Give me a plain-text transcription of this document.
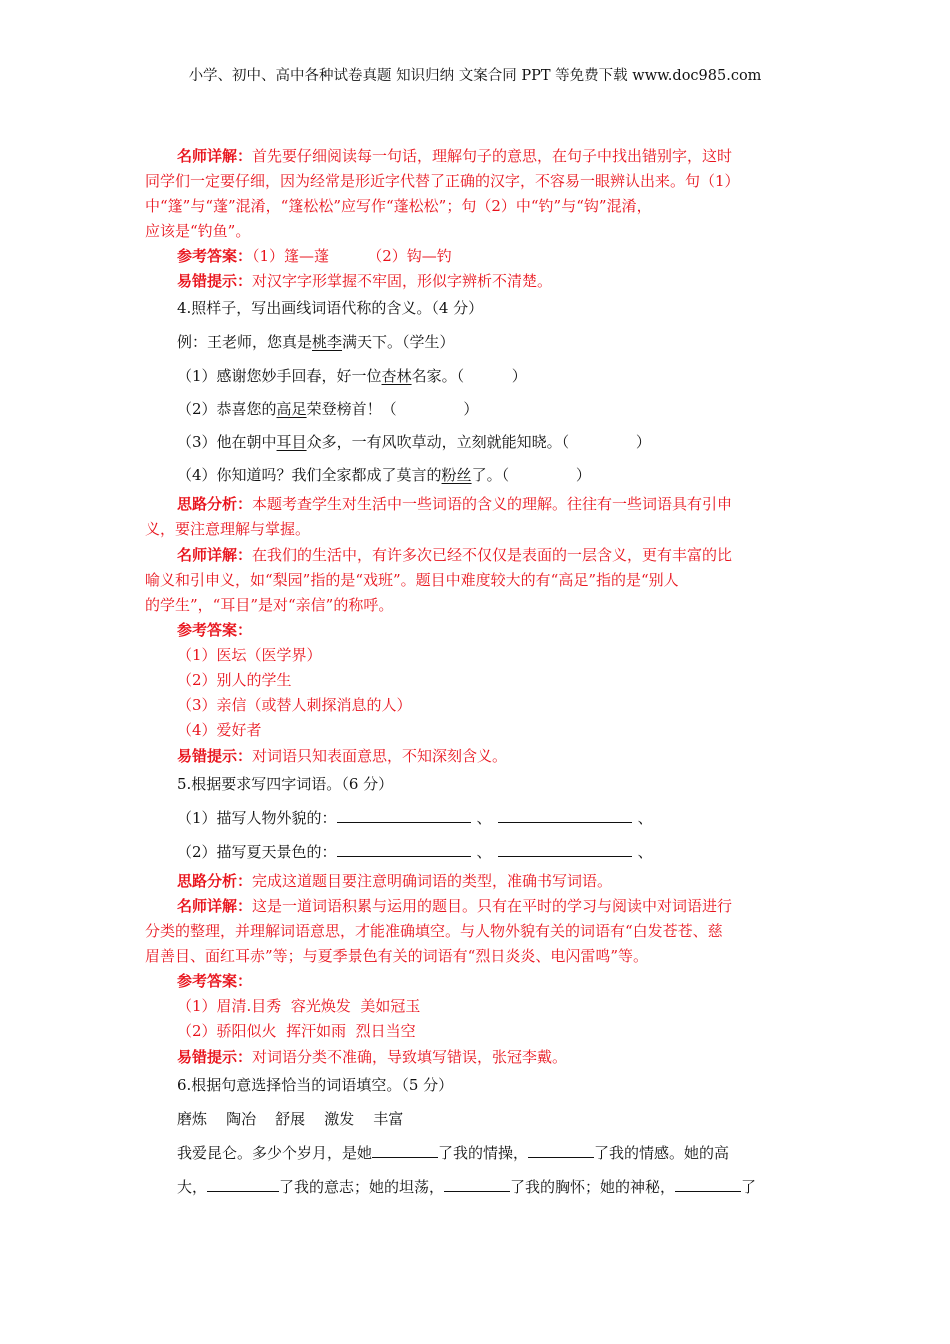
小学、初中、高中各种试卷真题 知识归纳 文案合同 PPT 等免费下载 www.doc985.com
名师详解：首先要仔细阅读每一句话，理解句子的意思，在句子中找出错别字，这时
同学们一定要仔细，因为经常是形近字代替了正确的汉字，不容易一眼辨认出来。句（1）
中“篷”与“蓬”混淆，“篷松松”应写作“蓬松松”；句（2）中“钓”与“钩”混淆，
应该是“钓鱼”。
参考答案：（1）篷—蓬        （2）钩—钓
易错提示：对汉字字形掌握不牢固，形似字辨析不清楚。
4.照样子，写出画线词语代称的含义。（4 分）
例：王老师，您真是桃李满天下。（学生）
（1）感谢您妙手回春，好一位杏林名家。（          ）
（2）恭喜您的高足荣登榜首！（              ）
（3）他在朝中耳目众多，一有风吹草动，立刻就能知晓。（              ）
（4）你知道吗？我们全家都成了莫言的粉丝了。（              ）
思路分析：本题考查学生对生活中一些词语的含义的理解。往往有一些词语具有引申
义，要注意理解与掌握。
名师详解：在我们的生活中，有许多次已经不仅仅是表面的一层含义，更有丰富的比
喻义和引申义，如“梨园”指的是“戏班”。题目中难度较大的有“高足”指的是“别人
的学生”，“耳目”是对“亲信”的称呼。
参考答案：
（1）医坛（医学界）
（2）别人的学生
（3）亲信（或替人刺探消息的人）
（4）爱好者
易错提示：对词语只知表面意思，不知深刻含义。
5.根据要求写四字词语。（6 分）
（1）描写人物外貌的：	、	、
（2）描写夏天景色的：	、	、
思路分析：完成这道题目要注意明确词语的类型，准确书写词语。
名师详解：这是一道词语积累与运用的题目。只有在平时的学习与阅读中对词语进行
分类的整理，并理解词语意思，才能准确填空。与人物外貌有关的词语有“白发苍苍、慈
眉善目、面红耳赤”等；与夏季景色有关的词语有“烈日炎炎、电闪雷鸣”等。
参考答案：
（1）眉清.目秀  容光焕发  美如冠玉
（2）骄阳似火  挥汗如雨  烈日当空
易错提示：对词语分类不准确，导致填写错误，张冠李戴。
6.根据句意选择恰当的词语填空。（5 分）
磨炼    陶冶    舒展    激发    丰富
我爱昆仑。多少个岁月，是她	了我的情操，	了我的情感。她的高
大，	了我的意志；她的坦荡，	了我的胸怀；她的神秘，	了
